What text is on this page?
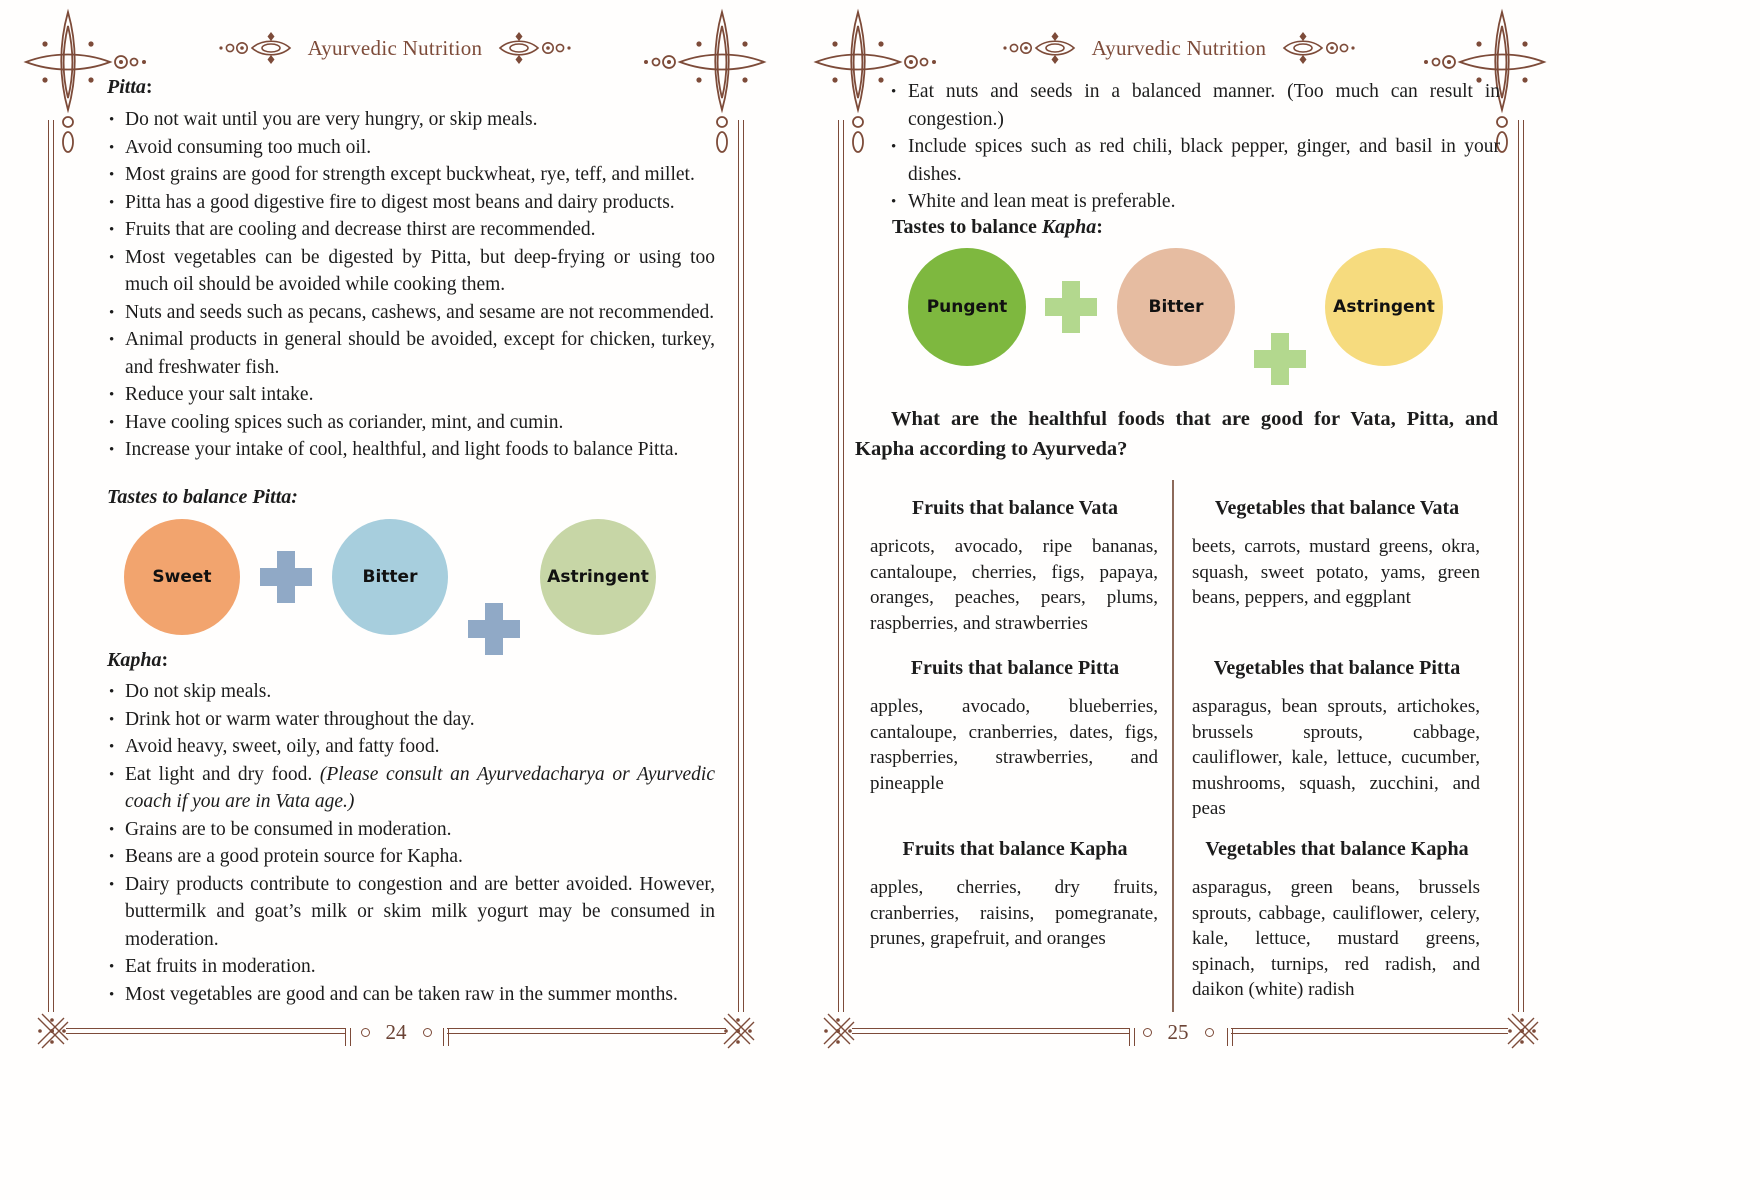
Ayurvedic Nutrition
Pitta:
• Do not wait until you are very hungry, or skip meals.
• Avoid consuming too much oil.
• Most grains are good for strength except buckwheat, rye, teff, and millet.
• Pitta has a good digestive fire to digest most beans and dairy products.
• Fruits that are cooling and decrease thirst are recommended.
• Most vegetables can be digested by Pitta, but deep-frying or using too much oil should be avoided while cooking them.
• Nuts and seeds such as pecans, cashews, and sesame are not recommended.
• Animal products in general should be avoided, except for chicken, turkey, and freshwater fish.
• Reduce your salt intake.
• Have cooling spices such as coriander, mint, and cumin.
• Increase your intake of cool, healthful, and light foods to balance Pitta.
Tastes to balance Pitta:
Sweet	Bitter	Astringent
Kapha:
• Do not skip meals.
• Drink hot or warm water throughout the day.
• Avoid heavy, sweet, oily, and fatty food.
• Eat light and dry food. (Please consult an Ayurvedacharya or Ayurvedic coach if you are in Vata age.)
• Grains are to be consumed in moderation.
• Beans are a good protein source for Kapha.
• Dairy products contribute to congestion and are better avoided. However, buttermilk and goat’s milk or skim milk yogurt may be consumed in moderation.
• Eat fruits in moderation.
• Most vegetables are good and can be taken raw in the summer months.
24
Ayurvedic Nutrition
• Eat nuts and seeds in a balanced manner. (Too much can result in congestion.)
• Include spices such as red chili, black pepper, ginger, and basil in your dishes.
• White and lean meat is preferable.
Tastes to balance Kapha:
Pungent	Bitter	Astringent
What are the healthful foods that are good for Vata, Pitta, and Kapha according to Ayurveda?
Fruits that balance Vata
apricots, avocado, ripe bananas, cantaloupe, cherries, figs, papaya, oranges, peaches, pears, plums, raspberries, and strawberries
Vegetables that balance Vata
beets, carrots, mustard greens, okra, squash, sweet potato, yams, green beans, peppers, and eggplant
Fruits that balance Pitta
apples, avocado, blueberries, cantaloupe, cranberries, dates, figs, raspberries, strawberries, and pineapple
Vegetables that balance Pitta
asparagus, bean sprouts, artichokes, brussels sprouts, cabbage, cauliflower, kale, lettuce, cucumber, mushrooms, squash, zucchini, and peas
Fruits that balance Kapha
apples, cherries, dry fruits, cranberries, raisins, pomegranate, prunes, grapefruit, and oranges
Vegetables that balance Kapha
asparagus, green beans, brussels sprouts, cabbage, cauliflower, celery, kale, lettuce, mustard greens, spinach, turnips, red radish, and daikon (white) radish
25
